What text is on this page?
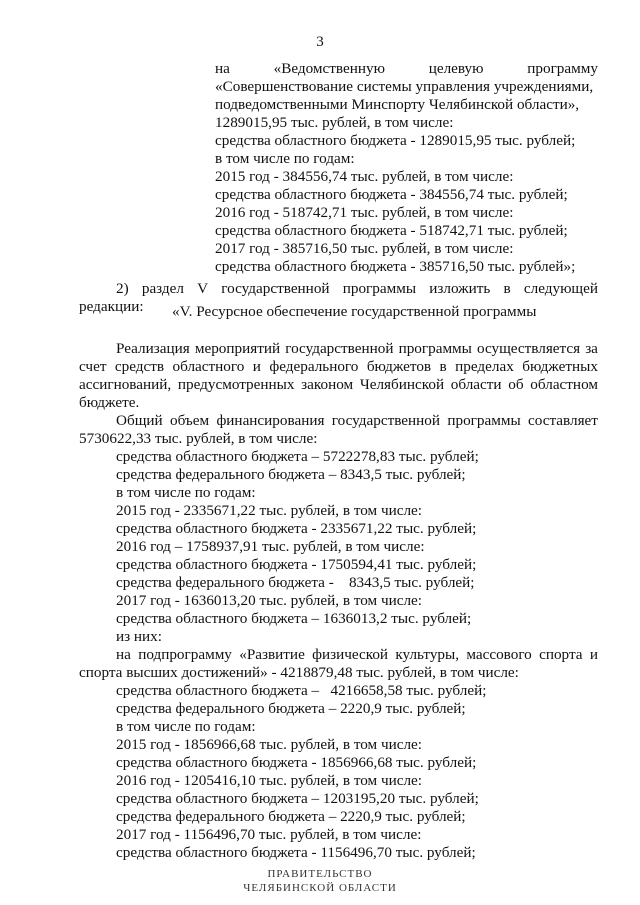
3
на	«Ведомственную	целевую	программу
«Совершенствование системы управления учреждениями,
подведомственными Минспорту Челябинской области»,
1289015,95 тыс. рублей, в том числе:
средства областного бюджета - 1289015,95 тыс. рублей;
в том числе по годам:
2015 год - 384556,74 тыс. рублей, в том числе:
средства областного бюджета - 384556,74 тыс. рублей;
2016 год - 518742,71 тыс. рублей, в том числе:
средства областного бюджета - 518742,71 тыс. рублей;
2017 год - 385716,50 тыс. рублей, в том числе:
средства областного бюджета - 385716,50 тыс. рублей»;
2) раздел V государственной программы изложить в следующей
редакции: «V. Ресурсное обеспечение государственной программы
Реализация мероприятий государственной программы осуществляется за
счет средств областного и федерального бюджетов в пределах бюджетных
ассигнований, предусмотренных законом Челябинской области об областном
бюджете.
Общий объем финансирования государственной программы составляет
5730622,33 тыс. рублей, в том числе:
средства областного бюджета – 5722278,83 тыс. рублей;
средства федерального бюджета – 8343,5 тыс. рублей;
в том числе по годам:
2015 год - 2335671,22 тыс. рублей, в том числе:
средства областного бюджета - 2335671,22 тыс. рублей;
2016 год – 1758937,91 тыс. рублей, в том числе:
средства областного бюджета - 1750594,41 тыс. рублей;
средства федерального бюджета -    8343,5 тыс. рублей;
2017 год - 1636013,20 тыс. рублей, в том числе:
средства областного бюджета – 1636013,2 тыс. рублей;
из них:
на подпрограмму «Развитие физической культуры, массового спорта и
спорта высших достижений» - 4218879,48 тыс. рублей, в том числе:
средства областного бюджета –   4216658,58 тыс. рублей;
средства федерального бюджета – 2220,9 тыс. рублей;
в том числе по годам:
2015 год - 1856966,68 тыс. рублей, в том числе:
средства областного бюджета - 1856966,68 тыс. рублей;
2016 год - 1205416,10 тыс. рублей, в том числе:
средства областного бюджета – 1203195,20 тыс. рублей;
средства федерального бюджета – 2220,9 тыс. рублей;
2017 год - 1156496,70 тыс. рублей, в том числе:
средства областного бюджета - 1156496,70 тыс. рублей;
ПРАВИТЕЛЬСТВО
ЧЕЛЯБИНСКОЙ ОБЛАСТИ
